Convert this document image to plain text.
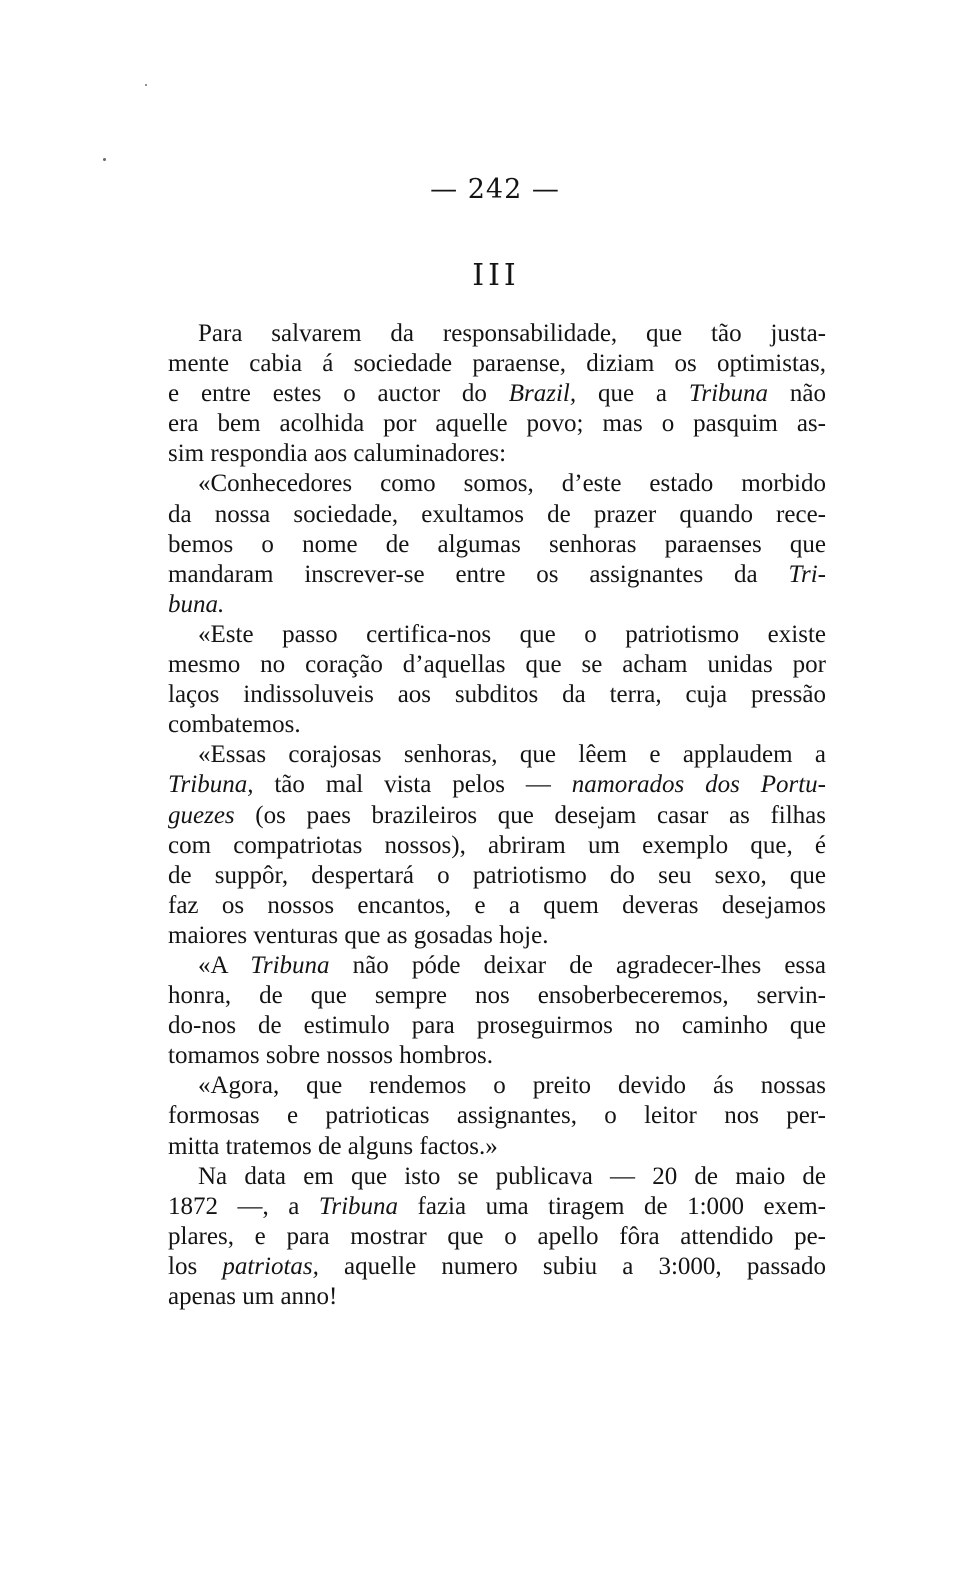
— 242 —
III
Para salvarem da responsabilidade, que tão justa-
mente cabia á sociedade paraense, diziam os optimistas,
e entre estes o auctor do Brazil, que a Tribuna não
era bem acolhida por aquelle povo; mas o pasquim as-
sim respondia aos caluminadores:
«Conhecedores como somos, d’este estado morbido
da nossa sociedade, exultamos de prazer quando rece-
bemos o nome de algumas senhoras paraenses que
mandaram inscrever-se entre os assignantes da Tri-
buna.
«Este passo certifica-nos que o patriotismo existe
mesmo no coração d’aquellas que se acham unidas por
laços indissoluveis aos subditos da terra, cuja pressão
combatemos.
«Essas corajosas senhoras, que lêem e applaudem a
Tribuna, tão mal vista pelos — namorados dos Portu-
guezes (os paes brazileiros que desejam casar as filhas
com compatriotas nossos), abriram um exemplo que, é
de suppôr, despertará o patriotismo do seu sexo, que
faz os nossos encantos, e a quem deveras desejamos
maiores venturas que as gosadas hoje.
«A Tribuna não póde deixar de agradecer-lhes essa
honra, de que sempre nos ensoberbeceremos, servin-
do-nos de estimulo para proseguirmos no caminho que
tomamos sobre nossos hombros.
«Agora, que rendemos o preito devido ás nossas
formosas e patrioticas assignantes, o leitor nos per-
mitta tratemos de alguns factos.»
Na data em que isto se publicava — 20 de maio de
1872 —, a Tribuna fazia uma tiragem de 1:000 exem-
plares, e para mostrar que o apello fôra attendido pe-
los patriotas, aquelle numero subiu a 3:000, passado
apenas um anno!
